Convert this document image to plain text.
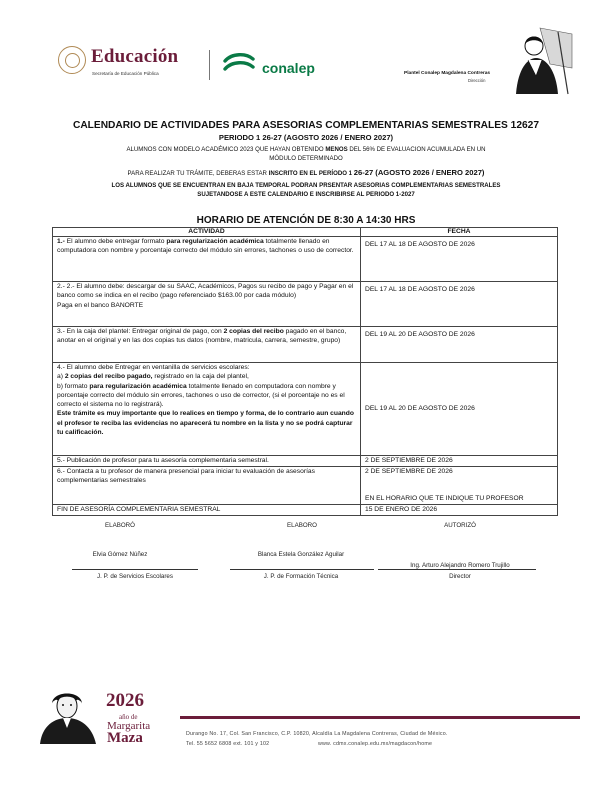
Educación
Secretaría de Educación Pública	conalep	Plantel Conalep Magdalena Contreras
Dirección
CALENDARIO DE ACTIVIDADES PARA ASESORIAS COMPLEMENTARIAS SEMESTRALES 12627
PERIODO 1 26-27 (AGOSTO 2026 / ENERO 2027)
ALUMNOS CON MODELO ACADÉMICO 2023 QUE HAYAN OBTENIDO MENOS DEL 56% DE EVALUACION ACUMULADA EN UN
MÓDULO DETERMINADO
PARA REALIZAR TU TRÁMITE, DEBERAS ESTAR INSCRITO EN EL PERÍODO 1 26-27 (AGOSTO 2026 / ENERO 2027)
LOS ALUMNOS QUE SE ENCUENTRAN EN BAJA TEMPORAL PODRAN PRSENTAR ASESORIAS COMPLEMENTARIAS SEMESTRALES
SUJETANDOSE A ESTE CALENDARIO E INSCRIBIRSE AL PERIODO 1-2027
HORARIO DE ATENCIÓN DE 8:30 A 14:30 HRS
ACTIVIDAD	FECHA
1.- El alumno debe entregar formato para regularización académica totalmente llenado en computadora con nombre y porcentaje correcto del módulo sin errores, tachones o uso de corrector.	DEL 17 AL 18 DE AGOSTO DE 2026
2.- 2.- El alumno debe: descargar de su SAAC, Académicos, Pagos su recibo de pago y Pagar en el banco como se indica en el recibo (pago referenciado $163.00 por cada módulo)
Paga en el banco BANORTE	DEL 17 AL 18 DE AGOSTO DE 2026
3.- En la caja del plantel: Entregar original de pago, con 2 copias del recibo pagado en el banco, anotar en el original y en las dos copias tus datos (nombre, matricula, carrera, semestre, grupo)	DEL 19 AL 20 DE AGOSTO DE 2026
4.- El alumno debe Entregar en ventanilla de servicios escolares:
a) 2 copias del recibo pagado, registrado en la caja del plantel,
b) formato para regularización académica totalmente llenado en computadora con nombre y porcentaje correcto del módulo sin errores, tachones o uso de corrector, (si el porcentaje no es el correcto el sistema no lo registrará).
Este trámite es muy importante que lo realices en tiempo y forma, de lo contrario aun cuando el profesor te reciba las evidencias no aparecerá tu nombre en la lista y no se podrá capturar tu calificación.	DEL 19 AL 20 DE AGOSTO DE 2026
5.- Publicación de profesor para tu asesoría complementaria semestral.	2 DE SEPTIEMBRE DE 2026
6.- Contacta a tu profesor de manera presencial para iniciar tu evaluación de asesorías complementarias semestrales	2 DE SEPTIEMBRE DE 2026
EN EL HORARIO QUE TE INDIQUE TU PROFESOR

FIN DE ASESORÍA COMPLEMENTARIA SEMESTRAL	15 DE ENERO DE 2026
ELABORÓ	ELABORO	AUTORIZÓ
Elvia Gómez Núñez	Blanca Estela González Aguilar
Ing. Arturo Alejandro Romero Trujillo
J. P. de Servicios Escolares	J. P. de Formación Técnica	Director
2026
año de
Margarita
Maza	Durango No. 17, Col. San Francisco, C.P. 10820, Alcaldía La Magdalena Contreras, Ciudad de México.
Tel. 55 5652 6808 ext. 101 y 102	www. cdmx.conalep.edu.mx/magdacon/home
